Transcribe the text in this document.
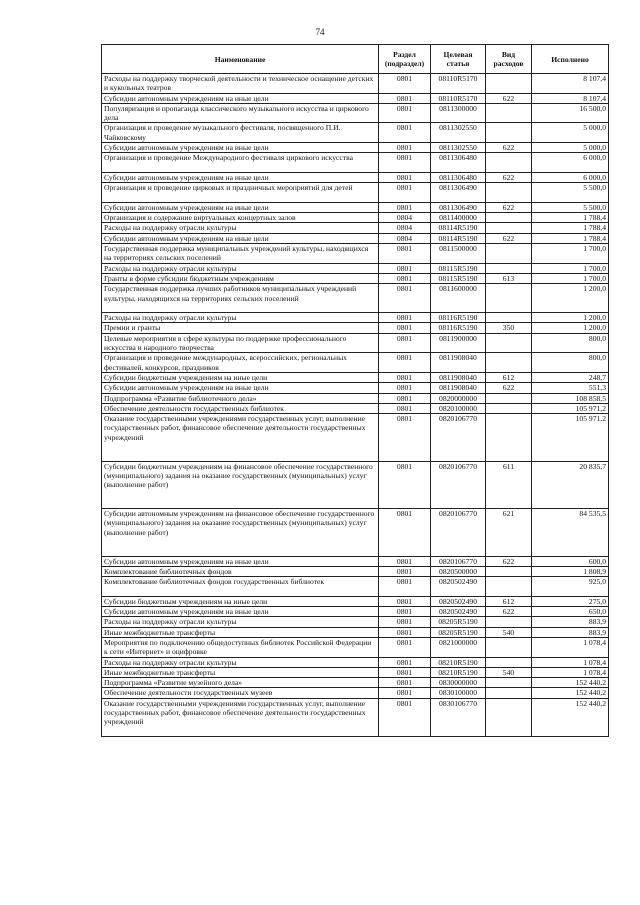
74
Наименование	Раздел (подраздел)	Целевая статья	Вид расходов	Исполнено
Расходы на поддержку творческой деятельности и техническое оснащение детских и кукольных театров	0801	08110R5170		8 107,4
Субсидии автономным учреждениям на иные цели	0801	08110R5170	622	8 107,4
Популяризация и пропаганда классического музыкального искусства и циркового дела	0801	0811300000		16 500,0
Организация и проведение музыкального фестиваля, посвященного П.И. Чайковскому	0801	0811302550		5 000,0
Субсидии автономным учреждениям на иные цели	0801	0811302550	622	5 000,0
Организация и проведение Международного фестиваля циркового искусства	0801	0811306480		6 000,0
Субсидии автономным учреждениям на иные цели	0801	0811306480	622	6 000,0
Организация и проведение цирковых и праздничных мероприятий для детей	0801	0811306490		5 500,0
Субсидии автономным учреждениям на иные цели	0801	0811306490	622	5 500,0
Организация и содержание виртуальных концертных залов	0804	0811400000		1 788,4
Расходы на поддержку отрасли культуры	0804	08114R5190		1 788,4
Субсидии автономным учреждениям на иные цели	0804	08114R5190	622	1 788,4
Государственная поддержка муниципальных учреждений культуры, находящихся на территориях сельских поселений	0801	0811500000		1 700,0
Расходы на поддержку отрасли культуры	0801	08115R5190		1 700,0
Гранты в форме субсидии бюджетным учреждениям	0801	08115R5190	613	1 700,0
Государственная поддержка лучших работников муниципальных учреждений культуры, находящихся на территориях сельских поселений	0801	0811600000		1 200,0
Расходы на поддержку отрасли культуры	0801	08116R5190		1 200,0
Премии и гранты	0801	08116R5190	350	1 200,0
Целевые мероприятия в сфере культуры по поддержке профессионального искусства и народного творчества	0801	0811900000		800,0
Организация и проведение международных, всероссийских, региональных фестивалей, конкурсов, праздников	0801	0811908040		800,0
Субсидии бюджетным учреждениям на иные цели	0801	0811908040	612	248,7
Субсидии автономным учреждениям на иные цели	0801	0811908040	622	551,3
Подпрограмма «Развитие библиотечного дела»	0801	0820000000		108 858,5
Обеспечение деятельности государственных библиотек	0801	0820100000		105 971,2
Оказание государственными учреждениями государственных услуг, выполнение государственных работ, финансовое обеспечение деятельности государственных учреждений	0801	0820106770		105 971,2
Субсидии бюджетным учреждениям на финансовое обеспечение государственного (муниципального) задания на оказание государственных (муниципальных) услуг (выполнение работ)	0801	0820106770	611	20 835,7
Субсидии автономным учреждениям на финансовое обеспечение государственного (муниципального) задания на оказание государственных (муниципальных) услуг (выполнение работ)	0801	0820106770	621	84 535,5
Субсидии автономным учреждениям на иные цели	0801	0820106770	622	600,0
Комплектование библиотечных фондов	0801	0820500000		1 808,9
Комплектование библиотечных фондов государственных библиотек	0801	0820502490		925,0
Субсидии бюджетным учреждениям на иные цели	0801	0820502490	612	275,0
Субсидии автономным учреждениям на иные цели	0801	0820502490	622	650,0
Расходы на поддержку отрасли культуры	0801	08205R5190		883,9
Иные межбюджетные трансферты	0801	08205R5190	540	883,9
Мероприятия по подключению общедоступных библиотек Российской Федерации к сети «Интернет» и оцифровке	0801	0821000000		1 078,4
Расходы на поддержку отрасли культуры	0801	08210R5190		1 078,4
Иные межбюджетные трансферты	0801	08210R5190	540	1 078,4
Подпрограмма «Развитие музейного дела»	0801	0830000000		152 440,2
Обеспечение деятельности государственных музеев	0801	0830100000		152 440,2
Оказание государственными учреждениями государственных услуг, выполнение государственных работ, финансовое обеспечение деятельности государственных учреждений	0801	0830106770		152 440,2
